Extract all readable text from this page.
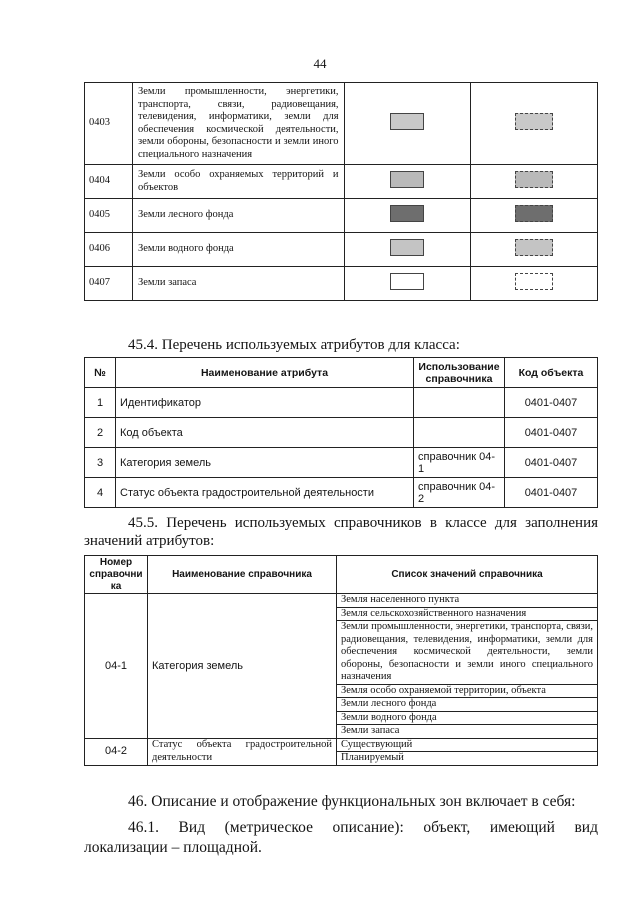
44
0403	Земли промышленности, энергетики, транспорта, связи, радиовещания, телевидения, информатики, земли для обеспечения космической деятельности, земли обороны, безопасности и земли иного специального назначения		
0404	Земли особо охраняемых территорий и объектов		
0405	Земли лесного фонда		
0406	Земли водного фонда		
0407	Земли запаса		
45.4. Перечень используемых атрибутов для класса:
№	Наименование атрибута	Использование справочника	Код объекта
1	Идентификатор		0401-0407
2	Код объекта		0401-0407
3	Категория земель	справочник 04-1	0401-0407
4	Статус объекта градостроительной деятельности	справочник 04-2	0401-0407
45.5. Перечень используемых справочников в классе для заполнения значений атрибутов:
Номер справочни ка	Наименование справочника	Список значений справочника
04-1	Категория земель	Земля населенного пункта
		Земля сельскохозяйственного назначения
		Земли промышленности, энергетики, транспорта, связи, радиовещания, телевидения, информатики, земли для обеспечения космической деятельности, земли обороны, безопасности и земли иного специального назначения
		Земля особо охраняемой территории, объекта
		Земли лесного фонда
		Земли водного фонда
		Земли запаса
04-2	Статус объекта градостроительной деятельности	Существующий
		Планируемый
46. Описание и отображение функциональных зон включает в себя:
46.1. Вид (метрическое описание): объект, имеющий вид
локализации – площадной.
